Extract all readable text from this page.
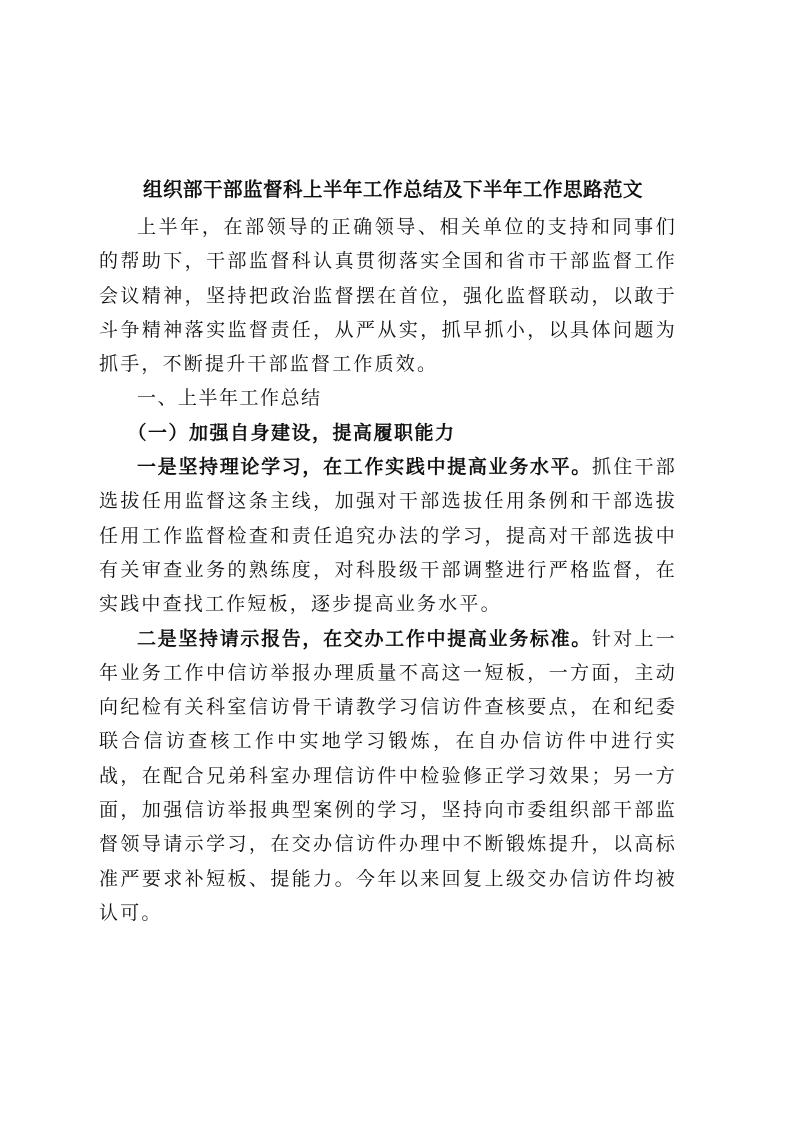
组织部干部监督科上半年工作总结及下半年工作思路范文

上半年，在部领导的正确领导、相关单位的支持和同事们的帮助下，干部监督科认真贯彻落实全国和省市干部监督工作会议精神，坚持把政治监督摆在首位，强化监督联动，以敢于斗争精神落实监督责任，从严从实，抓早抓小，以具体问题为抓手，不断提升干部监督工作质效。

一、上半年工作总结
（一）加强自身建设，提高履职能力

一是坚持理论学习，在工作实践中提高业务水平。抓住干部选拔任用监督这条主线，加强对干部选拔任用条例和干部选拔任用工作监督检查和责任追究办法的学习，提高对干部选拔中有关审查业务的熟练度，对科股级干部调整进行严格监督，在实践中查找工作短板，逐步提高业务水平。

二是坚持请示报告，在交办工作中提高业务标准。针对上一年业务工作中信访举报办理质量不高这一短板，一方面，主动向纪检有关科室信访骨干请教学习信访件查核要点，在和纪委联合信访查核工作中实地学习锻炼，在自办信访件中进行实战，在配合兄弟科室办理信访件中检验修正学习效果；另一方面，加强信访举报典型案例的学习，坚持向市委组织部干部监督领导请示学习，在交办信访件办理中不断锻炼提升，以高标准严要求补短板、提能力。今年以来回复上级交办信访件均被认可。
